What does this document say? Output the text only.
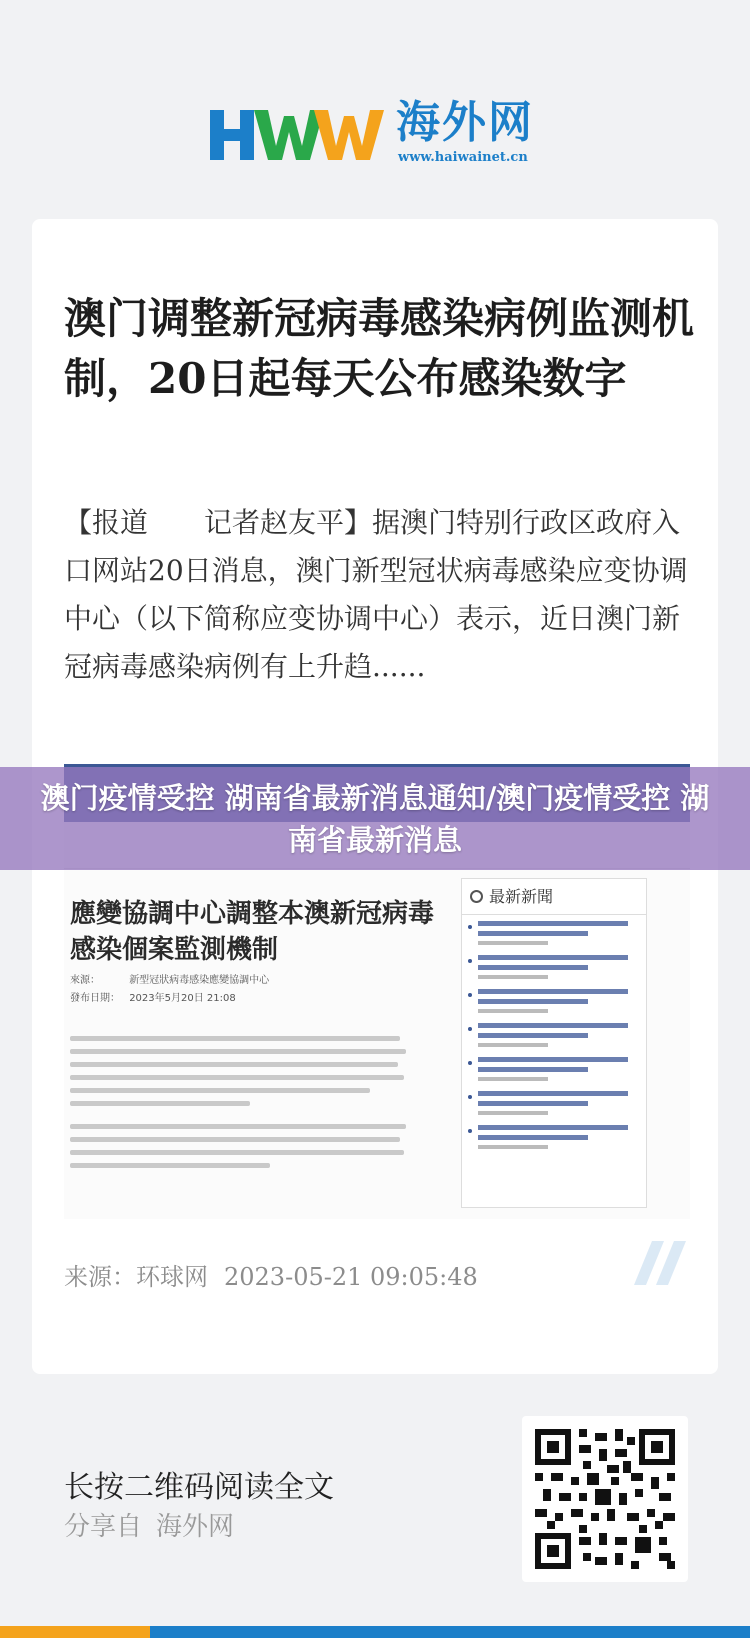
海外网
www.haiwainet.cn
澳门调整新冠病毒感染病例监测机制，20日起每天公布感染数字

【报道　　记者赵友平】据澳门特别行政区政府入口网站20日消息，澳门新型冠状病毒感染应变协调中心（以下简称应变协调中心）表示，近日澳门新冠病毒感染病例有上升趋......

應變協調中心調整本澳新冠病毒感染個案監測機制
來源：	新型冠狀病毒感染應變協調中心
發布日期： 2023年5月20日 21:08
最新新聞
来源：环球网 2023-05-21 09:05:48
澳门疫情受控 湖南省最新消息通知/澳门疫情受控 湖南省最新消息
长按二维码阅读全文
分享自 海外网
